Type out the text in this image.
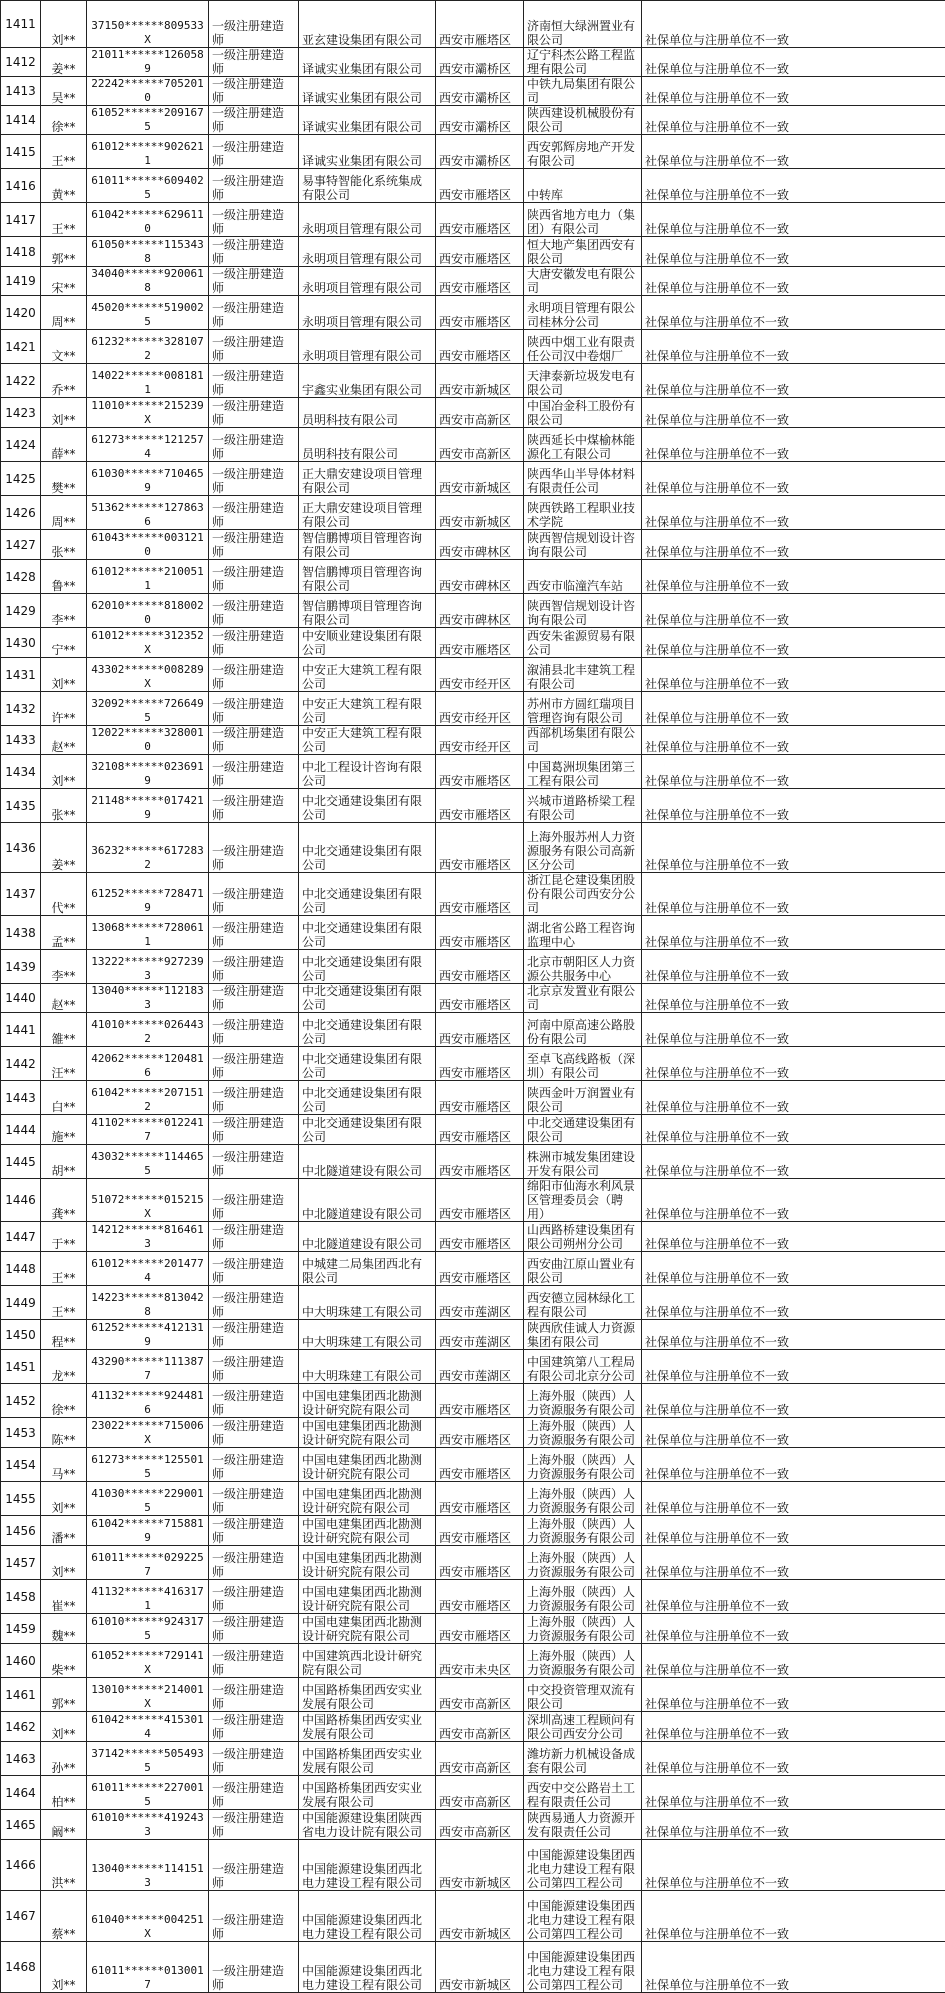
1411	刘**	37150******809533X	一级注册建造师	亚玄建设集团有限公司	西安市雁塔区	济南恒大绿洲置业有限公司	社保单位与注册单位不一致
1412	姜**	21011******1260589	一级注册建造师	译诚实业集团有限公司	西安市灞桥区	辽宁科杰公路工程监理有限公司	社保单位与注册单位不一致
1413	吴**	22242******7052010	一级注册建造师	译诚实业集团有限公司	西安市灞桥区	中铁九局集团有限公司	社保单位与注册单位不一致
1414	徐**	61052******2091675	一级注册建造师	译诚实业集团有限公司	西安市灞桥区	陕西建设机械股份有限公司	社保单位与注册单位不一致
1415	王**	61012******9026211	一级注册建造师	译诚实业集团有限公司	西安市灞桥区	西安郭辉房地产开发有限公司	社保单位与注册单位不一致
1416	黄**	61011******6094025	一级注册建造师	易事特智能化系统集成有限公司	西安市雁塔区	中转库	社保单位与注册单位不一致
1417	王**	61042******6296110	一级注册建造师	永明项目管理有限公司	西安市雁塔区	陕西省地方电力（集团）有限公司	社保单位与注册单位不一致
1418	郭**	61050******1153438	一级注册建造师	永明项目管理有限公司	西安市雁塔区	恒大地产集团西安有限公司	社保单位与注册单位不一致
1419	宋**	34040******9200618	一级注册建造师	永明项目管理有限公司	西安市雁塔区	大唐安徽发电有限公司	社保单位与注册单位不一致
1420	周**	45020******5190025	一级注册建造师	永明项目管理有限公司	西安市雁塔区	永明项目管理有限公司桂林分公司	社保单位与注册单位不一致
1421	文**	61232******3281072	一级注册建造师	永明项目管理有限公司	西安市雁塔区	陕西中烟工业有限责任公司汉中卷烟厂	社保单位与注册单位不一致
1422	乔**	14022******0081811	一级注册建造师	宇鑫实业集团有限公司	西安市新城区	天津泰新垃圾发电有限公司	社保单位与注册单位不一致
1423	刘**	11010******215239X	一级注册建造师	员明科技有限公司	西安市高新区	中国冶金科工股份有限公司	社保单位与注册单位不一致
1424	薛**	61273******1212574	一级注册建造师	员明科技有限公司	西安市高新区	陕西延长中煤榆林能源化工有限公司	社保单位与注册单位不一致
1425	樊**	61030******7104659	一级注册建造师	正大鼎安建设项目管理有限公司	西安市新城区	陕西华山半导体材料有限责任公司	社保单位与注册单位不一致
1426	周**	51362******1278636	一级注册建造师	正大鼎安建设项目管理有限公司	西安市新城区	陕西铁路工程职业技术学院	社保单位与注册单位不一致
1427	张**	61043******0031210	一级注册建造师	智信鹏博项目管理咨询有限公司	西安市碑林区	陕西智信规划设计咨询有限公司	社保单位与注册单位不一致
1428	鲁**	61012******2100511	一级注册建造师	智信鹏博项目管理咨询有限公司	西安市碑林区	西安市临潼汽车站	社保单位与注册单位不一致
1429	李**	62010******8180020	一级注册建造师	智信鹏博项目管理咨询有限公司	西安市碑林区	陕西智信规划设计咨询有限公司	社保单位与注册单位不一致
1430	宁**	61012******312352X	一级注册建造师	中安顺业建设集团有限公司	西安市雁塔区	西安朱雀源贸易有限公司	社保单位与注册单位不一致
1431	刘**	43302******008289X	一级注册建造师	中安正大建筑工程有限公司	西安市经开区	溆浦县北丰建筑工程有限公司	社保单位与注册单位不一致
1432	许**	32092******7266495	一级注册建造师	中安正大建筑工程有限公司	西安市经开区	苏州市方圆红瑞项目管理咨询有限公司	社保单位与注册单位不一致
1433	赵**	12022******3280010	一级注册建造师	中安正大建筑工程有限公司	西安市经开区	西部机场集团有限公司	社保单位与注册单位不一致
1434	刘**	32108******0236919	一级注册建造师	中北工程设计咨询有限公司	西安市雁塔区	中国葛洲坝集团第三工程有限公司	社保单位与注册单位不一致
1435	张**	21148******0174219	一级注册建造师	中北交通建设集团有限公司	西安市雁塔区	兴城市道路桥梁工程有限公司	社保单位与注册单位不一致
1436	姜**	36232******6172832	一级注册建造师	中北交通建设集团有限公司	西安市雁塔区	上海外服苏州人力资源服务有限公司高新区分公司	社保单位与注册单位不一致
1437	代**	61252******7284719	一级注册建造师	中北交通建设集团有限公司	西安市雁塔区	浙江昆仑建设集团股份有限公司西安分公司	社保单位与注册单位不一致
1438	孟**	13068******7280611	一级注册建造师	中北交通建设集团有限公司	西安市雁塔区	湖北省公路工程咨询监理中心	社保单位与注册单位不一致
1439	李**	13222******9272393	一级注册建造师	中北交通建设集团有限公司	西安市雁塔区	北京市朝阳区人力资源公共服务中心	社保单位与注册单位不一致
1440	赵**	13040******1121833	一级注册建造师	中北交通建设集团有限公司	西安市雁塔区	北京京发置业有限公司	社保单位与注册单位不一致
1441	雒**	41010******0264432	一级注册建造师	中北交通建设集团有限公司	西安市雁塔区	河南中原高速公路股份有限公司	社保单位与注册单位不一致
1442	汪**	42062******1204816	一级注册建造师	中北交通建设集团有限公司	西安市雁塔区	至卓飞高线路板（深圳）有限公司	社保单位与注册单位不一致
1443	白**	61042******2071512	一级注册建造师	中北交通建设集团有限公司	西安市雁塔区	陕西金叶万润置业有限公司	社保单位与注册单位不一致
1444	施**	41102******0122417	一级注册建造师	中北交通建设集团有限公司	西安市雁塔区	中北交通建设集团有限公司	社保单位与注册单位不一致
1445	胡**	43032******1144655	一级注册建造师	中北隧道建设有限公司	西安市雁塔区	株洲市城发集团建设开发有限公司	社保单位与注册单位不一致
1446	龚**	51072******015215X	一级注册建造师	中北隧道建设有限公司	西安市雁塔区	绵阳市仙海水利风景区管理委员会（聘用）	社保单位与注册单位不一致
1447	于**	14212******8164613	一级注册建造师	中北隧道建设有限公司	西安市雁塔区	山西路桥建设集团有限公司朔州分公司	社保单位与注册单位不一致
1448	王**	61012******2014774	一级注册建造师	中城建二局集团西北有限公司	西安市雁塔区	西安曲江原山置业有限公司	社保单位与注册单位不一致
1449	王**	14223******8130428	一级注册建造师	中大明珠建工有限公司	西安市莲湖区	西安德立园林绿化工程有限公司	社保单位与注册单位不一致
1450	程**	61252******4121319	一级注册建造师	中大明珠建工有限公司	西安市莲湖区	陕西欣佳诚人力资源集团有限公司	社保单位与注册单位不一致
1451	龙**	43290******1113877	一级注册建造师	中大明珠建工有限公司	西安市莲湖区	中国建筑第八工程局有限公司北京分公司	社保单位与注册单位不一致
1452	徐**	41132******9244816	一级注册建造师	中国电建集团西北勘测设计研究院有限公司	西安市雁塔区	上海外服（陕西）人力资源服务有限公司	社保单位与注册单位不一致
1453	陈**	23022******715006X	一级注册建造师	中国电建集团西北勘测设计研究院有限公司	西安市雁塔区	上海外服（陕西）人力资源服务有限公司	社保单位与注册单位不一致
1454	马**	61273******1255015	一级注册建造师	中国电建集团西北勘测设计研究院有限公司	西安市雁塔区	上海外服（陕西）人力资源服务有限公司	社保单位与注册单位不一致
1455	刘**	41030******2290015	一级注册建造师	中国电建集团西北勘测设计研究院有限公司	西安市雁塔区	上海外服（陕西）人力资源服务有限公司	社保单位与注册单位不一致
1456	潘**	61042******7158819	一级注册建造师	中国电建集团西北勘测设计研究院有限公司	西安市雁塔区	上海外服（陕西）人力资源服务有限公司	社保单位与注册单位不一致
1457	刘**	61011******0292257	一级注册建造师	中国电建集团西北勘测设计研究院有限公司	西安市雁塔区	上海外服（陕西）人力资源服务有限公司	社保单位与注册单位不一致
1458	崔**	41132******4163171	一级注册建造师	中国电建集团西北勘测设计研究院有限公司	西安市雁塔区	上海外服（陕西）人力资源服务有限公司	社保单位与注册单位不一致
1459	魏**	61010******9243175	一级注册建造师	中国电建集团西北勘测设计研究院有限公司	西安市雁塔区	上海外服（陕西）人力资源服务有限公司	社保单位与注册单位不一致
1460	柴**	61052******729141X	一级注册建造师	中国建筑西北设计研究院有限公司	西安市未央区	上海外服（陕西）人力资源服务有限公司	社保单位与注册单位不一致
1461	郭**	13010******214001X	一级注册建造师	中国路桥集团西安实业发展有限公司	西安市高新区	中交投资管理双流有限公司	社保单位与注册单位不一致
1462	刘**	61042******4153014	一级注册建造师	中国路桥集团西安实业发展有限公司	西安市高新区	深圳高速工程顾问有限公司西安分公司	社保单位与注册单位不一致
1463	孙**	37142******5054935	一级注册建造师	中国路桥集团西安实业发展有限公司	西安市高新区	潍坊新力机械设备成套有限公司	社保单位与注册单位不一致
1464	柏**	61011******2270015	一级注册建造师	中国路桥集团西安实业发展有限公司	西安市高新区	西安中交公路岩土工程有限责任公司	社保单位与注册单位不一致
1465	阚**	61010******4192433	一级注册建造师	中国能源建设集团陕西省电力设计院有限公司	西安市高新区	陕西易通人力资源开发有限责任公司	社保单位与注册单位不一致
1466	洪**	13040******1141513	一级注册建造师	中国能源建设集团西北电力建设工程有限公司	西安市新城区	中国能源建设集团西北电力建设工程有限公司第四工程公司	社保单位与注册单位不一致
1467	蔡**	61040******004251X	一级注册建造师	中国能源建设集团西北电力建设工程有限公司	西安市新城区	中国能源建设集团西北电力建设工程有限公司第四工程公司	社保单位与注册单位不一致
1468	刘**	61011******0130017	一级注册建造师	中国能源建设集团西北电力建设工程有限公司	西安市新城区	中国能源建设集团西北电力建设工程有限公司第四工程公司	社保单位与注册单位不一致
